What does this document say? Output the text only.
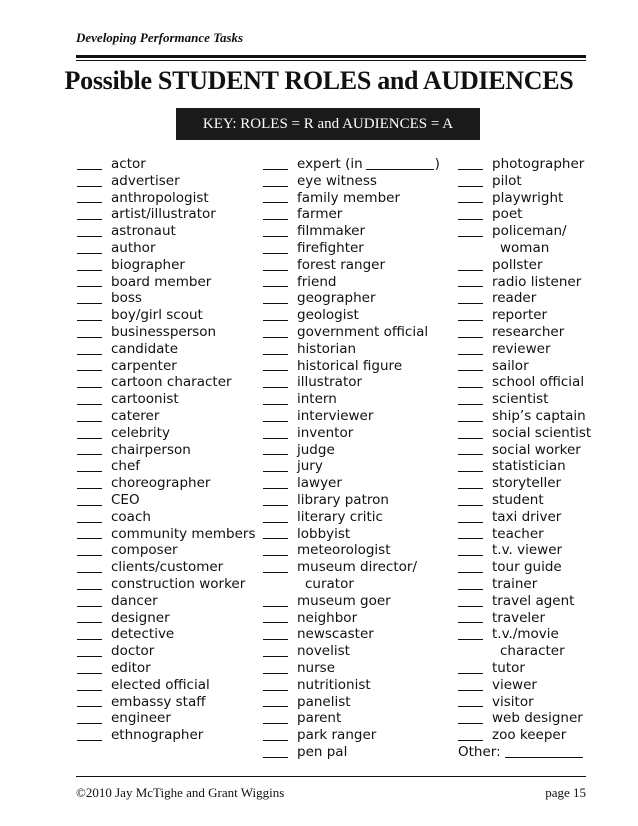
Developing Performance Tasks
Possible STUDENT ROLES and AUDIENCES
KEY: ROLES = R and AUDIENCES = A
actor
advertiser
anthropologist
artist/illustrator
astronaut
author
biographer
board member
boss
boy/girl scout
businessperson
candidate
carpenter
cartoon character
cartoonist
caterer
celebrity
chairperson
chef
choreographer
CEO
coach
community members
composer
clients/customer
construction worker
dancer
designer
detective
doctor
editor
elected official
embassy staff
engineer
ethnographer
expert (in	)
eye witness
family member
farmer
filmmaker
firefighter
forest ranger
friend
geographer
geologist
government official
historian
historical figure
illustrator
intern
interviewer
inventor
judge
jury
lawyer
library patron
literary critic
lobbyist
meteorologist
museum director/
curator
museum goer
neighbor
newscaster
novelist
nurse
nutritionist
panelist
parent
park ranger
pen pal
photographer
pilot
playwright
poet
policeman/
woman
pollster
radio listener
reader
reporter
researcher
reviewer
sailor
school official
scientist
ship’s captain
social scientist
social worker
statistician
storyteller
student
taxi driver
teacher
t.v. viewer
tour guide
trainer
travel agent
traveler
t.v./movie
character
tutor
viewer
visitor
web designer
zoo keeper
Other:
©2010 Jay McTighe and Grant Wiggins	page 15
